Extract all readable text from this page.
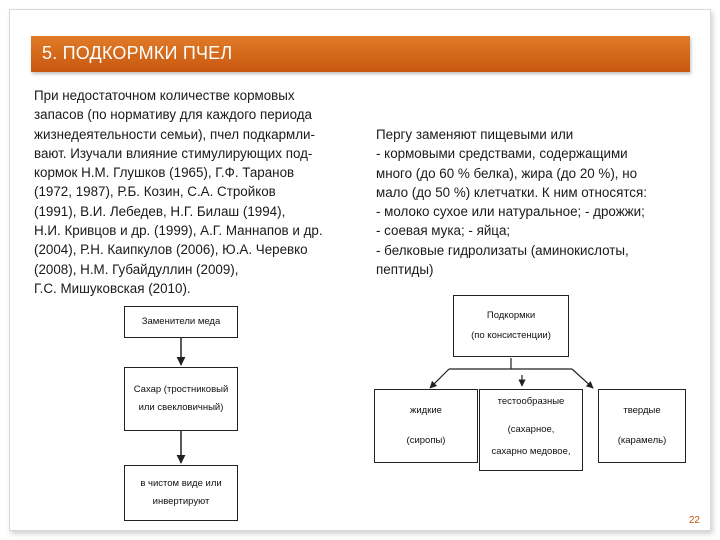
5. ПОДКОРМКИ ПЧЕЛ
При недостаточном количестве кормовых
запасов (по нормативу для каждого периода
жизнедеятельности семьи), пчел подкармли-
вают. Изучали влияние стимулирующих под-
кормок Н.М. Глушков (1965), Г.Ф. Таранов
(1972, 1987), Р.Б. Козин, С.А. Стройков
(1991), В.И. Лебедев, Н.Г. Билаш (1994),
Н.И. Кривцов и др. (1999), А.Г. Маннапов и др.
(2004), Р.Н. Каипкулов (2006), Ю.А. Черевко
(2008), Н.М. Губайдуллин (2009),
Г.С. Мишуковская (2010).
Пергу заменяют пищевыми или
- кормовыми средствами, содержащими
много (до 60 % белка), жира (до 20 %), но
мало (до 50 %) клетчатки. К ним относятся:
- молоко сухое или натуральное; - дрожжи;
- соевая мука; - яйца;
- белковые гидролизаты (аминокислоты,
пептиды)
Заменители меда
Сахар (тростниковый
или свекловичный)
в чистом виде или
инвертируют
Подкормки
(по консистенции)
жидкие
(сиропы)
тестообразные
(сахарное,
сахарно медовое,
твердые
(карамель)
22
